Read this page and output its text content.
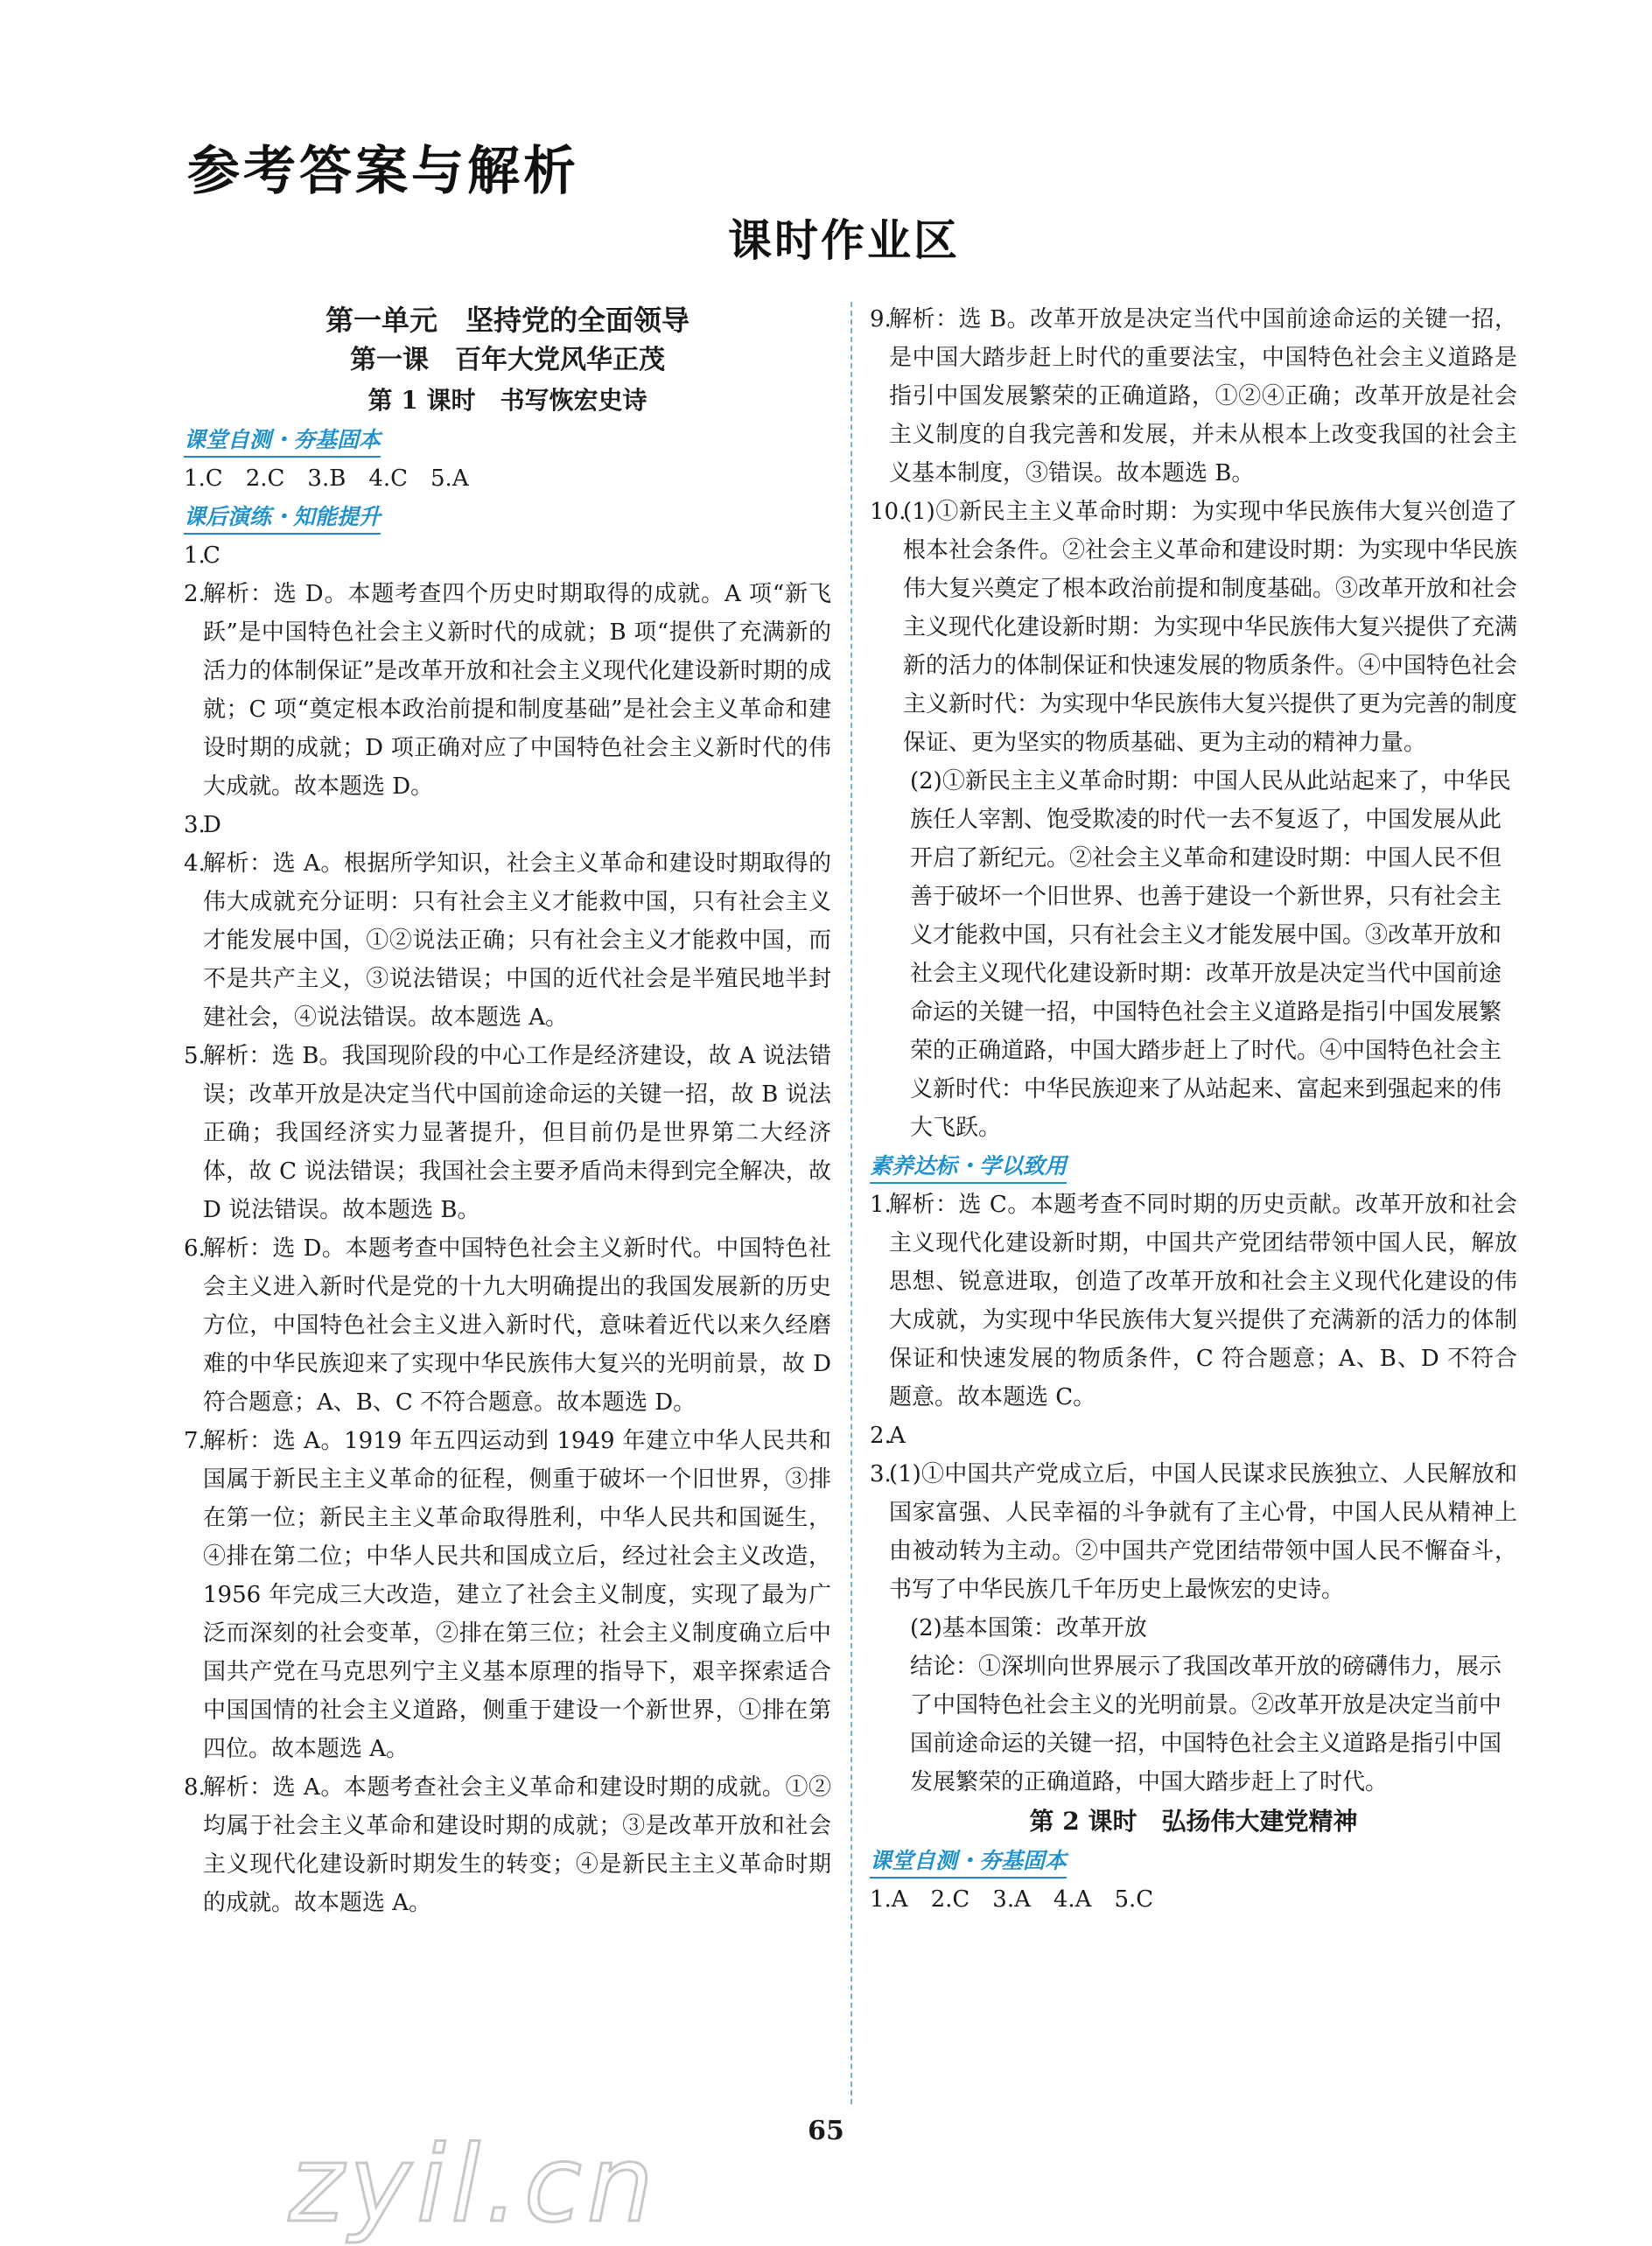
参考答案与解析
课时作业区
第一单元　坚持党的全面领导
第一课　百年大党风华正茂
第 1 课时　书写恢宏史诗
课堂自测・夯基固本
1.C　2.C　3.B　4.C　5.A
课后演练・知能提升
1.
C
2.
解析：选 D。本题考查四个历史时期取得的成就。A 项“新飞跃”是中国特色社会主义新时代的成就；B 项“提供了充满新的活力的体制保证”是改革开放和社会主义现代化建设新时期的成就；C 项“奠定根本政治前提和制度基础”是社会主义革命和建设时期的成就；D 项正确对应了中国特色社会主义新时代的伟大成就。故本题选 D。
3.
D
4.
解析：选 A。根据所学知识，社会主义革命和建设时期取得的伟大成就充分证明：只有社会主义才能救中国，只有社会主义才能发展中国，①②说法正确；只有社会主义才能救中国，而不是共产主义，③说法错误；中国的近代社会是半殖民地半封建社会，④说法错误。故本题选 A。
5.
解析：选 B。我国现阶段的中心工作是经济建设，故 A 说法错误；改革开放是决定当代中国前途命运的关键一招，故 B 说法正确；我国经济实力显著提升，但目前仍是世界第二大经济体，故 C 说法错误；我国社会主要矛盾尚未得到完全解决，故 D 说法错误。故本题选 B。
6.
解析：选 D。本题考查中国特色社会主义新时代。中国特色社会主义进入新时代是党的十九大明确提出的我国发展新的历史方位，中国特色社会主义进入新时代，意味着近代以来久经磨难的中华民族迎来了实现中华民族伟大复兴的光明前景，故 D 符合题意；A、B、C 不符合题意。故本题选 D。
7.
解析：选 A。1919 年五四运动到 1949 年建立中华人民共和国属于新民主主义革命的征程，侧重于破坏一个旧世界，③排在第一位；新民主主义革命取得胜利，中华人民共和国诞生，④排在第二位；中华人民共和国成立后，经过社会主义改造，1956 年完成三大改造，建立了社会主义制度，实现了最为广泛而深刻的社会变革，②排在第三位；社会主义制度确立后中国共产党在马克思列宁主义基本原理的指导下，艰辛探索适合中国国情的社会主义道路，侧重于建设一个新世界，①排在第四位。故本题选 A。
8.
解析：选 A。本题考查社会主义革命和建设时期的成就。①②均属于社会主义革命和建设时期的成就；③是改革开放和社会主义现代化建设新时期发生的转变；④是新民主主义革命时期的成就。故本题选 A。
9.
解析：选 B。改革开放是决定当代中国前途命运的关键一招，是中国大踏步赶上时代的重要法宝，中国特色社会主义道路是指引中国发展繁荣的正确道路，①②④正确；改革开放是社会主义制度的自我完善和发展，并未从根本上改变我国的社会主义基本制度，③错误。故本题选 B。
10.
(1)①新民主主义革命时期：为实现中华民族伟大复兴创造了根本社会条件。②社会主义革命和建设时期：为实现中华民族伟大复兴奠定了根本政治前提和制度基础。③改革开放和社会主义现代化建设新时期：为实现中华民族伟大复兴提供了充满新的活力的体制保证和快速发展的物质条件。④中国特色社会主义新时代：为实现中华民族伟大复兴提供了更为完善的制度保证、更为坚实的物质基础、更为主动的精神力量。
(2)①新民主主义革命时期：中国人民从此站起来了，中华民族任人宰割、饱受欺凌的时代一去不复返了，中国发展从此开启了新纪元。②社会主义革命和建设时期：中国人民不但善于破坏一个旧世界、也善于建设一个新世界，只有社会主义才能救中国，只有社会主义才能发展中国。③改革开放和社会主义现代化建设新时期：改革开放是决定当代中国前途命运的关键一招，中国特色社会主义道路是指引中国发展繁荣的正确道路，中国大踏步赶上了时代。④中国特色社会主义新时代：中华民族迎来了从站起来、富起来到强起来的伟大飞跃。
素养达标・学以致用
1.
解析：选 C。本题考查不同时期的历史贡献。改革开放和社会主义现代化建设新时期，中国共产党团结带领中国人民，解放思想、锐意进取，创造了改革开放和社会主义现代化建设的伟大成就，为实现中华民族伟大复兴提供了充满新的活力的体制保证和快速发展的物质条件，C 符合题意；A、B、D 不符合题意。故本题选 C。
2.
A
3.
(1)①中国共产党成立后，中国人民谋求民族独立、人民解放和国家富强、人民幸福的斗争就有了主心骨，中国人民从精神上由被动转为主动。②中国共产党团结带领中国人民不懈奋斗，书写了中华民族几千年历史上最恢宏的史诗。
(2)基本国策：改革开放
结论：①深圳向世界展示了我国改革开放的磅礴伟力，展示了中国特色社会主义的光明前景。②改革开放是决定当前中国前途命运的关键一招，中国特色社会主义道路是指引中国发展繁荣的正确道路，中国大踏步赶上了时代。
第 2 课时　弘扬伟大建党精神
课堂自测・夯基固本
1.A　2.C　3.A　4.A　5.C
65
zyil.cn
